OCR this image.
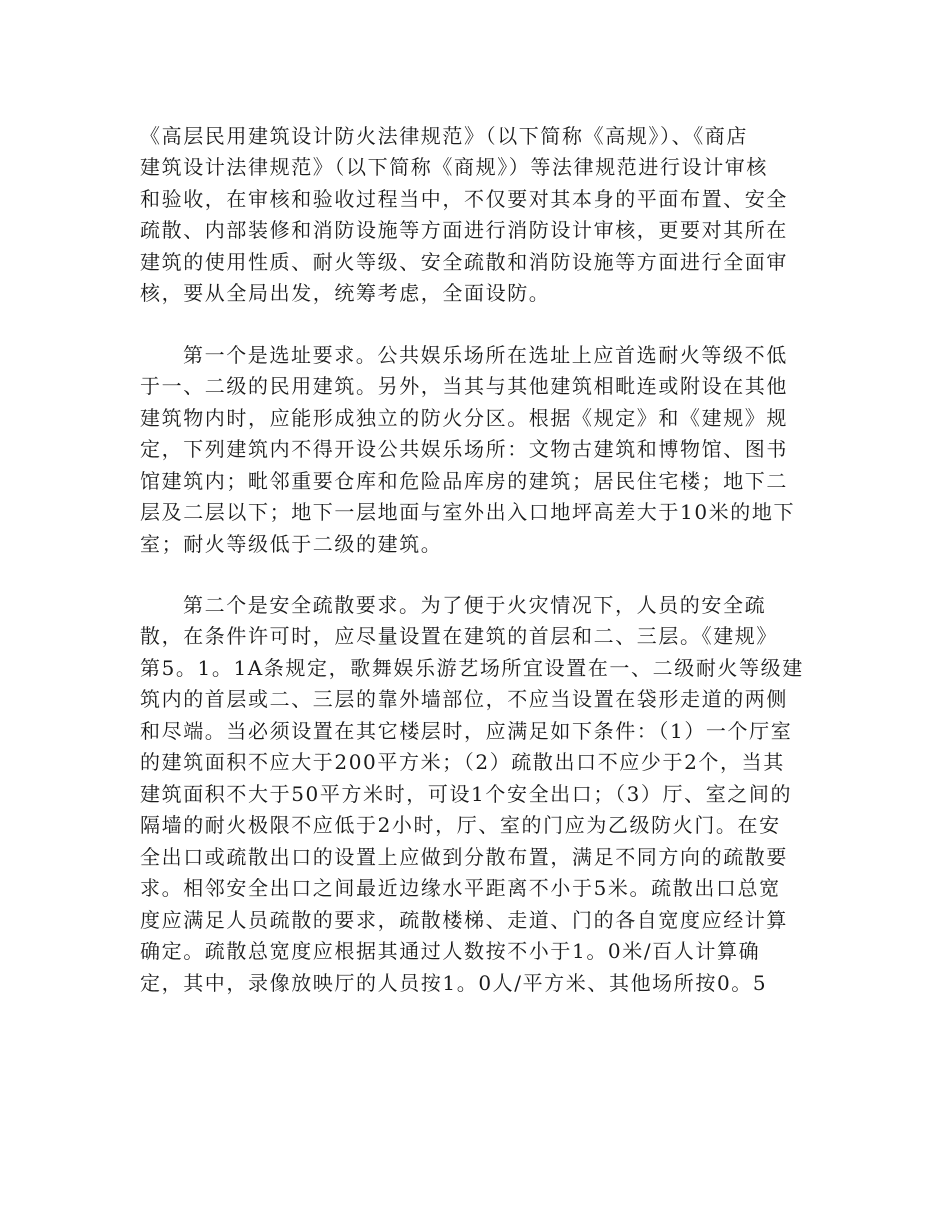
《高层民用建筑设计防火法律规范》（以下简称《高规》）、《商店
建筑设计法律规范》（以下简称《商规》）等法律规范进行设计审核
和验收，在审核和验收过程当中，不仅要对其本身的平面布置、安全
疏散、内部装修和消防设施等方面进行消防设计审核，更要对其所在
建筑的使用性质、耐火等级、安全疏散和消防设施等方面进行全面审
核，要从全局出发，统筹考虑，全面设防。
第一个是选址要求。公共娱乐场所在选址上应首选耐火等级不低
于一、二级的民用建筑。另外，当其与其他建筑相毗连或附设在其他
建筑物内时，应能形成独立的防火分区。根据《规定》和《建规》规
定，下列建筑内不得开设公共娱乐场所：文物古建筑和博物馆、图书
馆建筑内；毗邻重要仓库和危险品库房的建筑；居民住宅楼；地下二
层及二层以下；地下一层地面与室外出入口地坪高差大于10米的地下
室；耐火等级低于二级的建筑。
第二个是安全疏散要求。为了便于火灾情况下，人员的安全疏
散，在条件许可时，应尽量设置在建筑的首层和二、三层。《建规》
第5。1。1A条规定，歌舞娱乐游艺场所宜设置在一、二级耐火等级建
筑内的首层或二、三层的靠外墙部位，不应当设置在袋形走道的两侧
和尽端。当必须设置在其它楼层时，应满足如下条件：（1）一个厅室
的建筑面积不应大于200平方米；（2）疏散出口不应少于2个，当其
建筑面积不大于50平方米时，可设1个安全出口；（3）厅、室之间的
隔墙的耐火极限不应低于2小时，厅、室的门应为乙级防火门。在安
全出口或疏散出口的设置上应做到分散布置，满足不同方向的疏散要
求。相邻安全出口之间最近边缘水平距离不小于5米。疏散出口总宽
度应满足人员疏散的要求，疏散楼梯、走道、门的各自宽度应经计算
确定。疏散总宽度应根据其通过人数按不小于1。0米/百人计算确
定，其中，录像放映厅的人员按1。0人/平方米、其他场所按0。5
